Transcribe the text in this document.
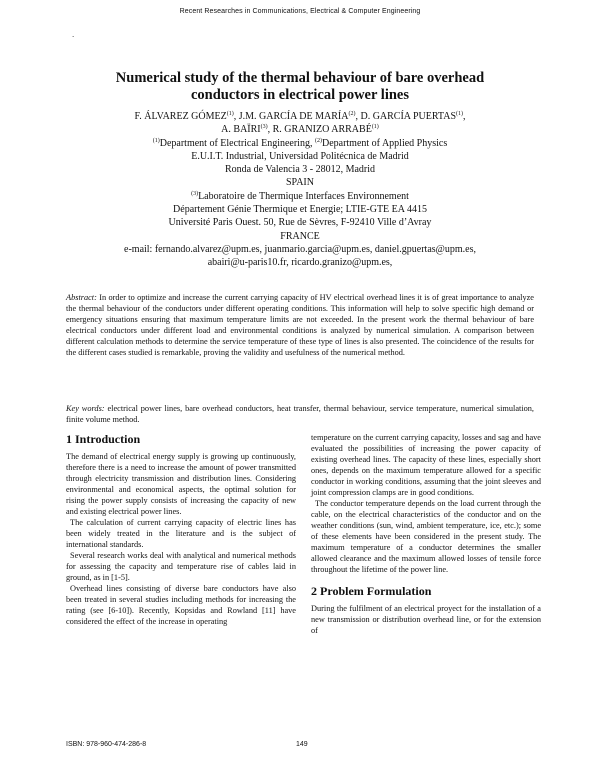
Recent Researches in Communications, Electrical & Computer Engineering
.
Numerical study of the thermal behaviour of bare overhead
conductors in electrical power lines
F. ÁLVAREZ GÓMEZ$^{(1)}$, J.M. GARCÍA DE MARÍA$^{(2)}$, D. GARCÍA PUERTAS$^{(1)}$,
A. BAÏRI$^{(3)}$, R. GRANIZO ARRABÉ$^{(1)}$
$^{(1)}$Department of Electrical Engineering, $^{(2)}$Department of Applied Physics
E.U.I.T. Industrial, Universidad Politécnica de Madrid
Ronda de Valencia 3 - 28012, Madrid
SPAIN
$^{(3)}$Laboratoire de Thermique Interfaces Environnement
Département Génie Thermique et Energie; LTIE-GTE EA 4415
Université Paris Ouest. 50, Rue de Sèvres, F-92410 Ville d’Avray
FRANCE
e-mail: fernando.alvarez@upm.es, juanmario.garcia@upm.es, daniel.gpuertas@upm.es,
abairi@u-paris10.fr, ricardo.granizo@upm.es,
Abstract: In order to optimize and increase the current carrying capacity of HV electrical overhead lines it is of great importance to analyze the thermal behaviour of the conductors under different operating conditions. This information will help to solve specific high demand or emergency situations ensuring that maximum temperature limits are not exceeded. In the present work the thermal behaviour of bare electrical conductors under different load and environmental conditions is analyzed by numerical simulation. A comparison between different calculation methods to determine the service temperature of these type of lines is also presented. The coincidence of the results for the different cases studied is remarkable, proving the validity and usefulness of the numerical method.
Key words: electrical power lines, bare overhead conductors, heat transfer, thermal behaviour, service temperature, numerical simulation, finite volume method.
1 Introduction

The demand of electrical energy supply is growing up continuously, therefore there is a need to increase the amount of power transmitted through electricity transmission and distribution lines. Considering environmental and economical aspects, the optimal solution for rising the power supply consists of increasing the capacity of new and existing electrical power lines.

The calculation of current carrying capacity of electric lines has been widely treated in the literature and is the subject of international standards.

Several research works deal with analytical and numerical methods for assessing the capacity and temperature rise of cables laid in ground, as in [1-5].

Overhead lines consisting of diverse bare conductors have also been treated in several studies including methods for increasing the rating (see [6-10]). Recently, Kopsidas and Rowland [11] have considered the effect of the increase in operating

temperature on the current carrying capacity, losses and sag and have evaluated the possibilities of increasing the power capacity of existing overhead lines. The capacity of these lines, especially short ones, depends on the maximum temperature allowed for a specific conductor in working conditions, assuming that the joint sleeves and joint compression clamps are in good conditions.

The conductor temperature depends on the load current through the cable, on the electrical characteristics of the conductor and on the weather conditions (sun, wind, ambient temperature, ice, etc.); some of these elements have been considered in the present study. The maximum temperature of a conductor determines the smaller allowed clearance and the maximum allowed losses of tensile force throughout the lifetime of the power line.

2 Problem Formulation

During the fulfilment of an electrical proyect for the installation of a new transmission or distribution overhead line, or for the extension of

ISBN: 978-960-474-286-8	149
